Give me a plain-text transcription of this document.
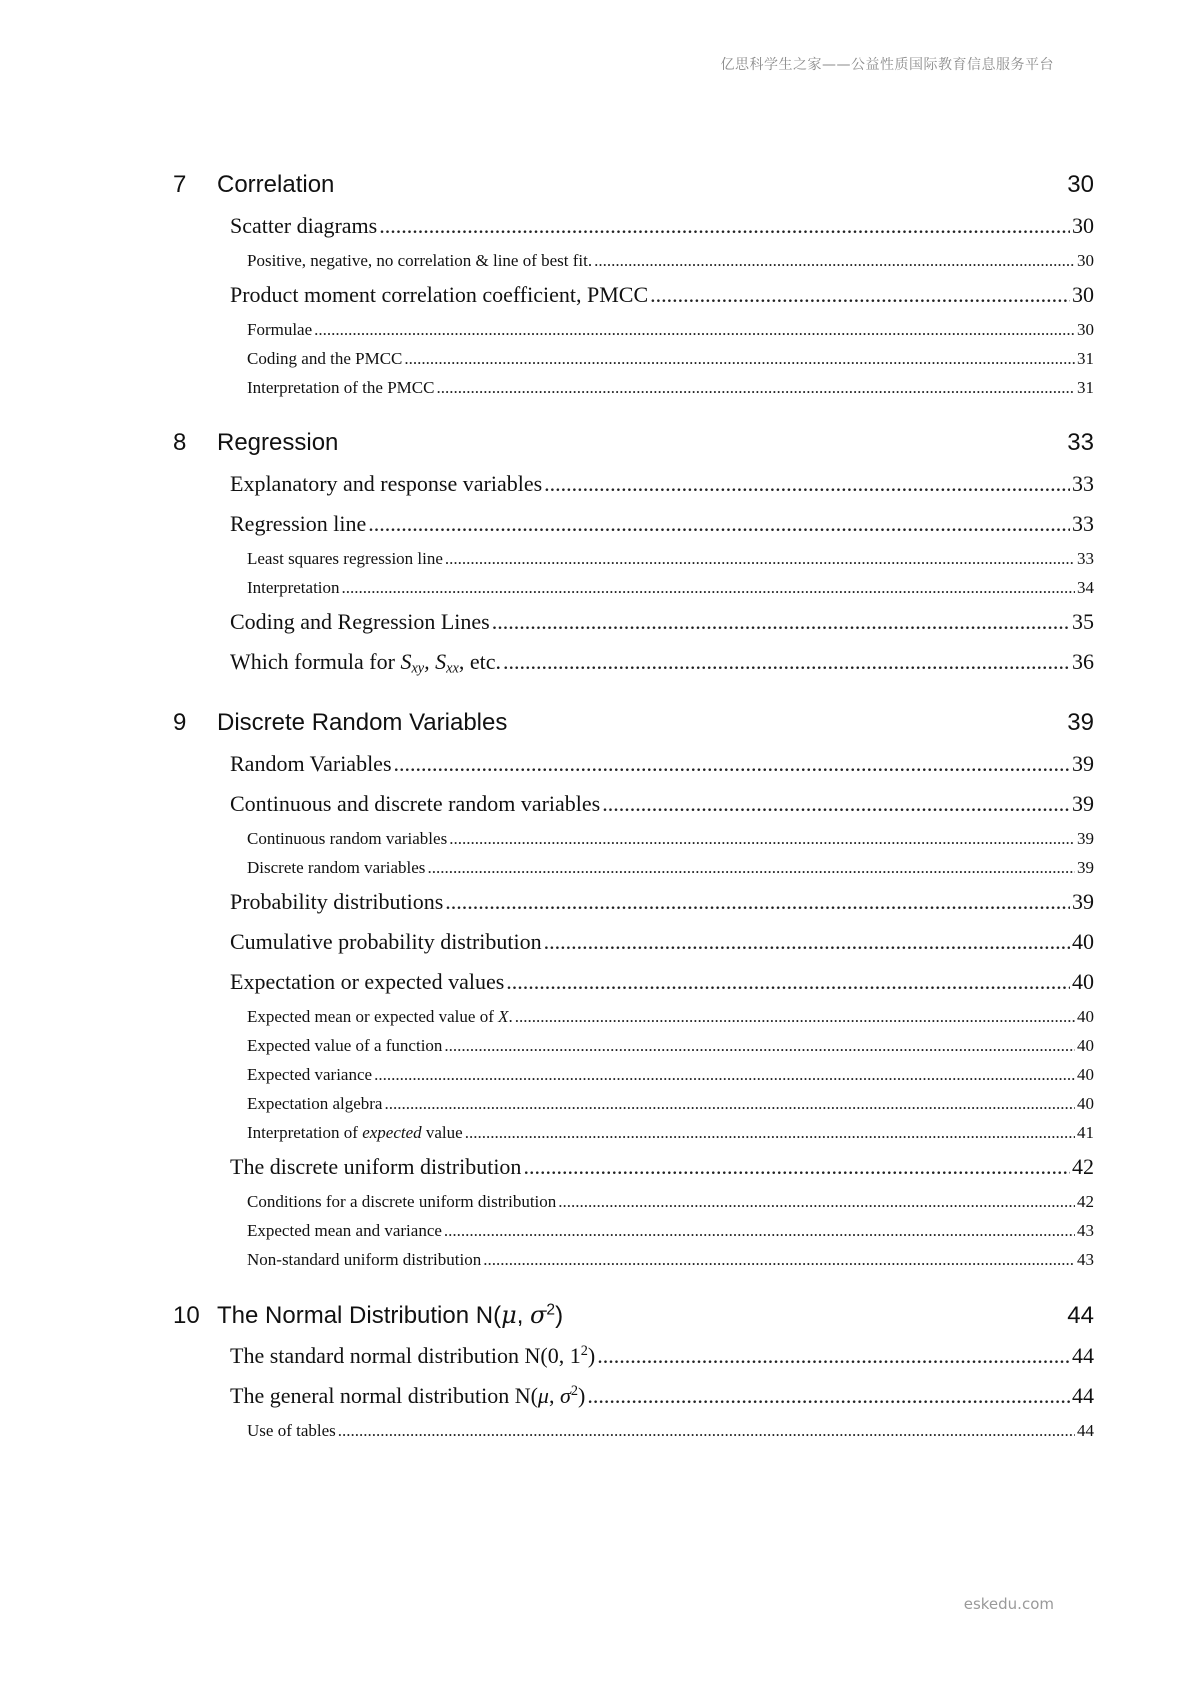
亿思科学生之家——公益性质国际教育信息服务平台
7	Correlation	30
Scatter diagrams .....	30
Positive, negative, no correlation & line of best fit. .....	30
Product moment correlation coefficient, PMCC .....	30
Formulae .....	30
Coding and the PMCC .....	31
Interpretation of the PMCC .....	31
8	Regression	33
Explanatory and response variables .....	33
Regression line .....	33
Least squares regression line .....	33
Interpretation .....	34
Coding and Regression Lines .....	35
Which formula for $S_{xy}$, $S_{xx}$, etc. .....	36
9	Discrete Random Variables	39
Random Variables .....	39
Continuous and discrete random variables .....	39
Continuous random variables .....	39
Discrete random variables .....	39
Probability distributions .....	39
Cumulative probability distribution .....	40
Expectation or expected values .....	40
Expected mean or expected value of X. .....	40
Expected value of a function .....	40
Expected variance .....	40
Expectation algebra .....	40
Interpretation of expected value .....	41
The discrete uniform distribution .....	42
Conditions for a discrete uniform distribution .....	42
Expected mean and variance .....	43
Non-standard uniform distribution .....	43
10 The Normal Distribution N(μ, $\sigma^2$)	44
The standard normal distribution N(0, $1^2$) .....	44
The general normal distribution N(μ, $\sigma^2$) .....	44
Use of tables .....	44
eskedu.com
